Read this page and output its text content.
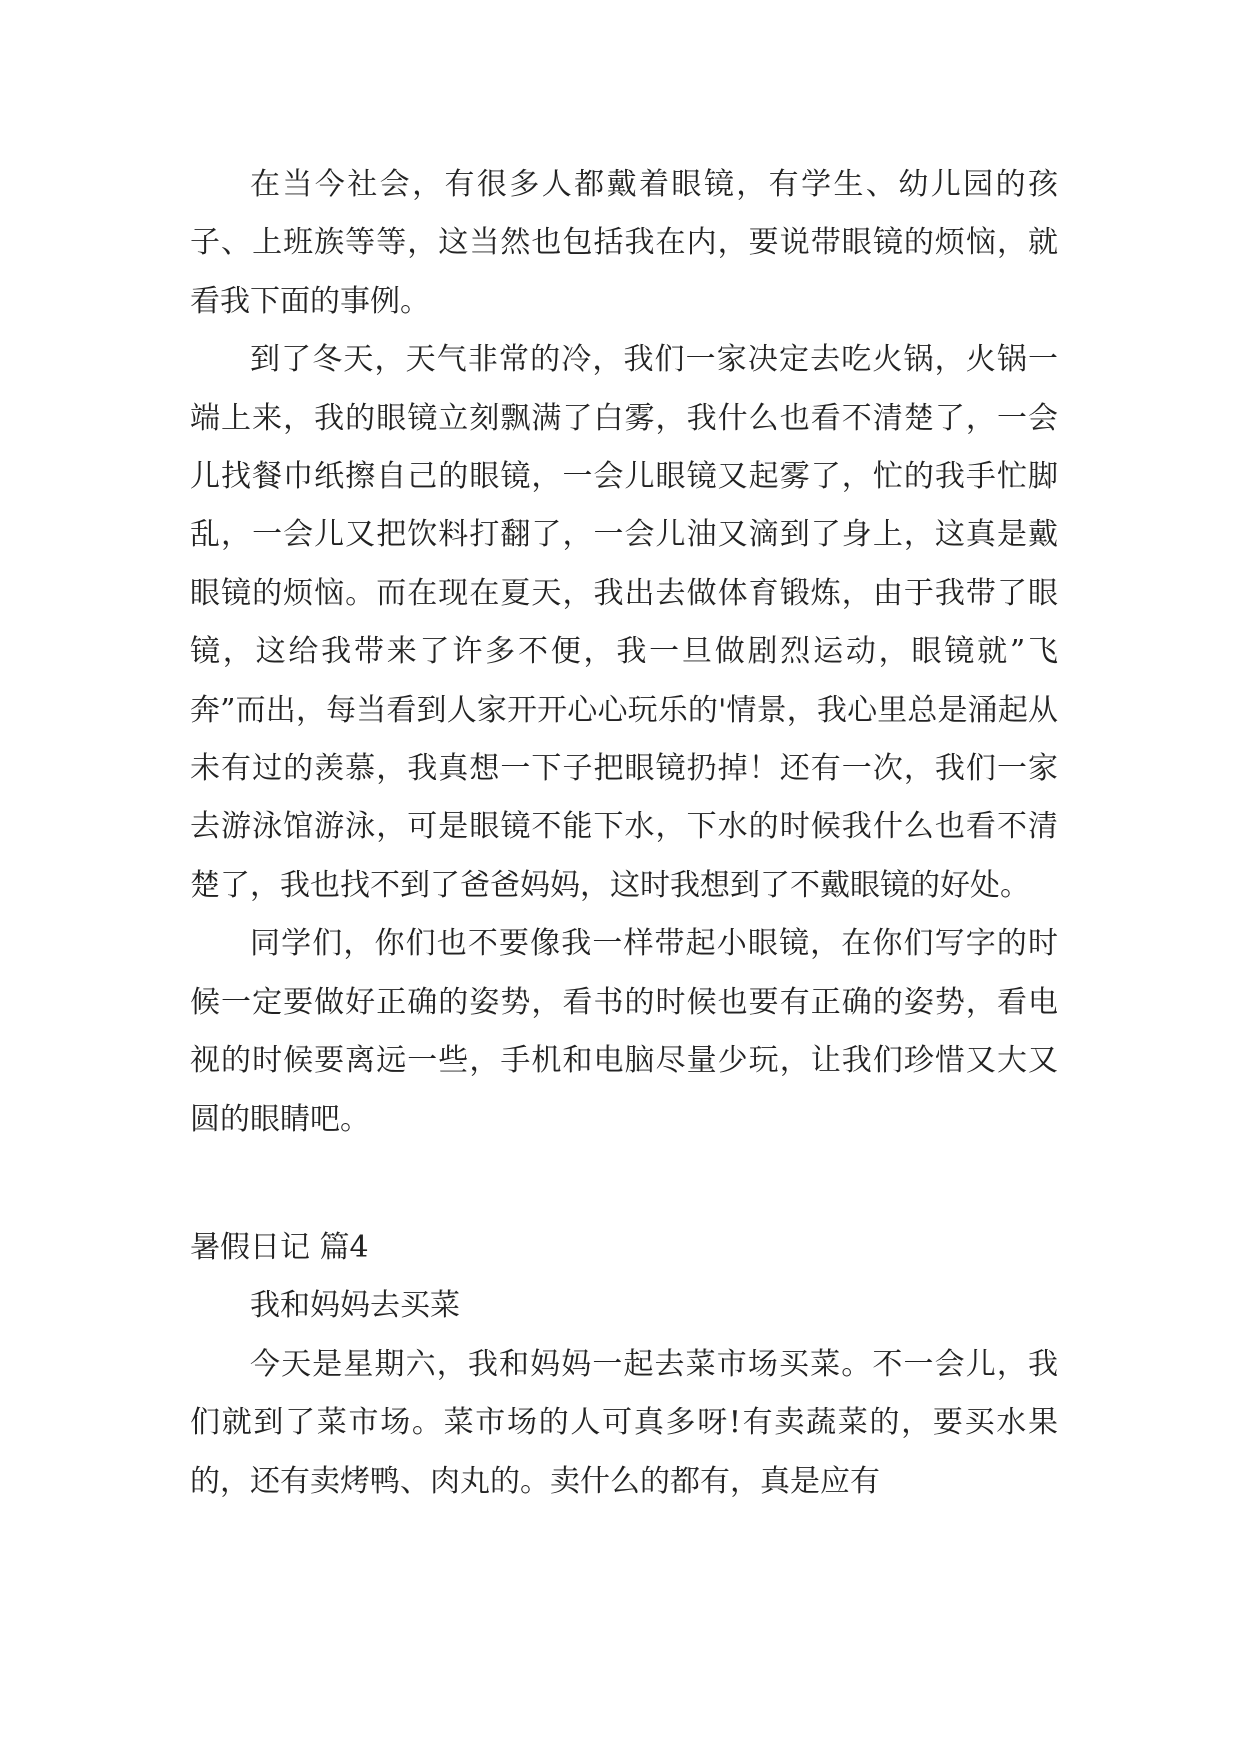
在当今社会，有很多人都戴着眼镜，有学生、幼儿园的孩子、上班族等等，这当然也包括我在内，要说带眼镜的烦恼，就看我下面的事例。

到了冬天，天气非常的冷，我们一家决定去吃火锅，火锅一端上来，我的眼镜立刻飘满了白雾，我什么也看不清楚了，一会儿找餐巾纸擦自己的眼镜，一会儿眼镜又起雾了，忙的我手忙脚乱，一会儿又把饮料打翻了，一会儿油又滴到了身上，这真是戴眼镜的烦恼。而在现在夏天，我出去做体育锻炼，由于我带了眼镜，这给我带来了许多不便，我一旦做剧烈运动，眼镜就”飞奔”而出，每当看到人家开开心心玩乐的'情景，我心里总是涌起从未有过的羡慕，我真想一下子把眼镜扔掉！还有一次，我们一家去游泳馆游泳，可是眼镜不能下水，下水的时候我什么也看不清楚了，我也找不到了爸爸妈妈，这时我想到了不戴眼镜的好处。

同学们，你们也不要像我一样带起小眼镜，在你们写字的时候一定要做好正确的姿势，看书的时候也要有正确的姿势，看电视的时候要离远一些，手机和电脑尽量少玩，让我们珍惜又大又圆的眼睛吧。

暑假日记 篇4

我和妈妈去买菜

今天是星期六，我和妈妈一起去菜市场买菜。不一会儿，我们就到了菜市场。菜市场的人可真多呀!有卖蔬菜的，要买水果的，还有卖烤鸭、肉丸的。卖什么的都有，真是应有
